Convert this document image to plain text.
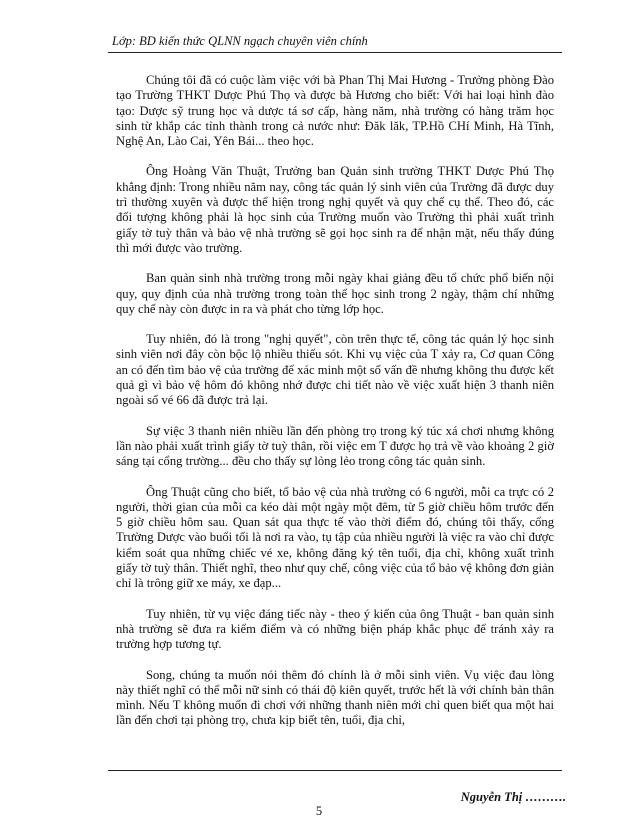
Lớp: BD kiến thức QLNN ngạch chuyên viên chính

Chúng tôi đã có cuộc làm việc với bà Phan Thị Mai Hương - Trưởng phòng Đào tạo Trường THKT Dược Phú Thọ và được bà Hương cho biết: Với hai loại hình đào tạo: Dược sỹ trung học và dược tá sơ cấp, hàng năm, nhà trường có hàng trăm học sinh từ khắp các tỉnh thành trong cả nước như: Đăk lăk, TP.Hồ CHí Minh, Hà Tĩnh, Nghệ An, Lào Cai, Yên Bái... theo học.

Ông Hoàng Văn Thuật, Trưởng ban Quản sinh trường THKT Dược Phú Thọ khẳng định: Trong nhiều năm nay, công tác quản lý sinh viên của Trường đã được duy trì thường xuyên và được thể hiện trong nghị quyết và quy chế cụ thể. Theo đó, các đối tượng không phải là học sinh của Trường muốn vào Trường thì phải xuất trình giấy tờ tuỳ thân và bảo vệ nhà trường sẽ gọi học sinh ra để nhận mặt, nếu thấy đúng thì mới được vào trường.

Ban quản sinh nhà trường trong mỗi ngày khai giảng đều tổ chức phổ biến nội quy, quy định của nhà trường trong toàn thể học sinh trong 2 ngày, thậm chí những quy chế này còn được in ra và phát cho từng lớp học.

Tuy nhiên, đó là trong "nghị quyết", còn trên thực tế, công tác quản lý học sinh sinh viên nơi đây còn bộc lộ nhiều thiếu sót. Khi vụ việc của T xảy ra, Cơ quan Công an có đến tìm bảo vệ của trường để xác minh một số vấn đề nhưng không thu được kết quả gì vì bảo vệ hôm đó không nhớ được chi tiết nào về việc xuất hiện 3 thanh niên ngoài số vé 66 đã được trả lại.

Sự việc 3 thanh niên nhiều lần đến phòng trọ trong ký túc xá chơi nhưng không lần nào phải xuất trình giấy tờ tuỳ thân, rồi việc em T được họ trả về vào khoảng 2 giờ sáng tại cổng trường... đều cho thấy sự lỏng lẻo trong công tác quản sinh.

Ông Thuật cũng cho biết, tổ bảo vệ của nhà trường có 6 người, mỗi ca trực có 2 người, thời gian của mỗi ca kéo dài một ngày một đêm, từ 5 giờ chiều hôm trước đến 5 giờ chiều hôm sau. Quan sát qua thực tế vào thời điểm đó, chúng tôi thấy, cổng Trường Dược vào buổi tối là nơi ra vào, tụ tập của nhiều người là việc ra vào chỉ được kiểm soát qua những chiếc vé xe, không đăng ký tên tuổi, địa chỉ, không xuất trình giấy tờ tuỳ thân. Thiết nghĩ, theo như quy chế, công việc của tổ bảo vệ không đơn giản chỉ là trông giữ xe máy, xe đạp...

Tuy nhiên, từ vụ việc đáng tiếc này - theo ý kiến của ông Thuật - ban quản sinh nhà trường sẽ đưa ra kiểm điểm và có những biện pháp khắc phục để tránh xảy ra trường hợp tương tự.

Song, chúng ta muốn nói thêm đó chính là ở mỗi sinh viên. Vụ việc đau lòng này thiết nghĩ có thể mỗi nữ sinh có thái độ kiên quyết, trước hết là với chính bản thân mình. Nếu T không muốn đi chơi với những thanh niên mới chỉ quen biết qua một hai lần đến chơi tại phòng trọ, chưa kịp biết tên, tuổi, địa chỉ,

Nguyễn Thị ……….
5
